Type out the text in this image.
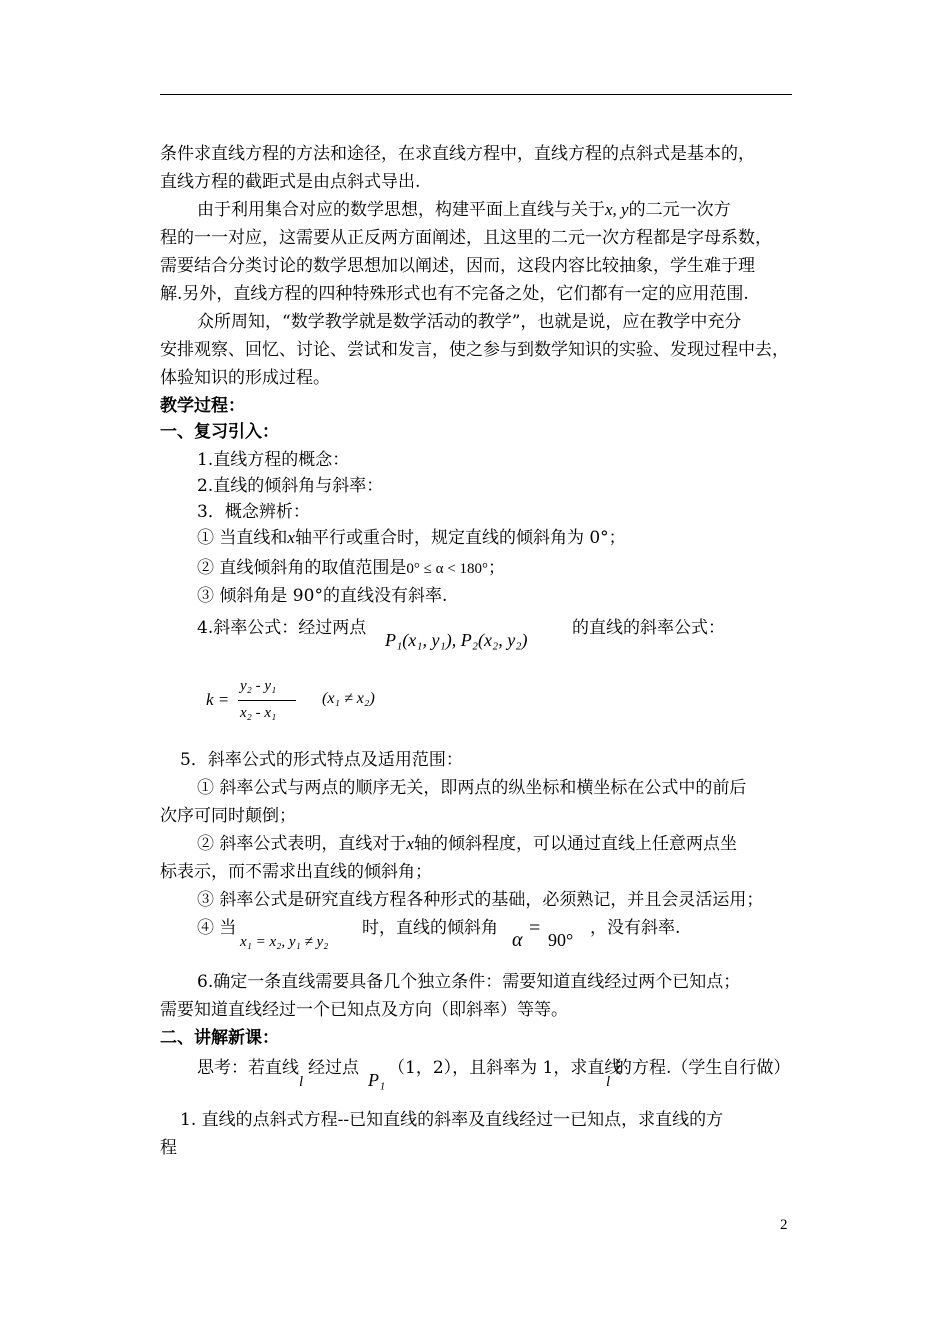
条件求直线方程的方法和途径，在求直线方程中，直线方程的点斜式是基本的，
直线方程的截距式是由点斜式导出.
由于利用集合对应的数学思想，构建平面上直线与关于x, y的二元一次方
程的一一对应，这需要从正反两方面阐述，且这里的二元一次方程都是字母系数，
需要结合分类讨论的数学思想加以阐述，因而，这段内容比较抽象，学生难于理
解.另外，直线方程的四种特殊形式也有不完备之处，它们都有一定的应用范围.
众所周知，“数学教学就是数学活动的教学”，也就是说，应在教学中充分
安排观察、回忆、讨论、尝试和发言，使之参与到数学知识的实验、发现过程中去，
体验知识的形成过程。
教学过程：
一、复习引入：
1.直线方程的概念：
2.直线的倾斜角与斜率：
3．概念辨析：
① 当直线和x轴平行或重合时，规定直线的倾斜角为 0°；
② 直线倾斜角的取值范围是0° ≤ α < 180°；
③ 倾斜角是 90°的直线没有斜率.
4.斜率公式：经过两点
P₁(x₁, y₁), P₂(x₂, y₂)
的直线的斜率公式：
k =
y₂ - y₁
x₂ - x₁
(x₁ ≠ x₂)
5．斜率公式的形式特点及适用范围：
① 斜率公式与两点的顺序无关，即两点的纵坐标和横坐标在公式中的前后
次序可同时颠倒；
② 斜率公式表明，直线对于x轴的倾斜程度，可以通过直线上任意两点坐
标表示，而不需求出直线的倾斜角；
③ 斜率公式是研究直线方程各种形式的基础，必须熟记，并且会灵活运用；
④ 当
x₁ = x₂, y₁ ≠ y₂
时，直线的倾斜角
α
=
90°
，没有斜率.
6.确定一条直线需要具备几个独立条件：需要知道直线经过两个已知点；
需要知道直线经过一个已知点及方向（即斜率）等等。
二、讲解新课：
思考：若直线
l
经过点
P₁
（1，2），且斜率为 1，求直线
l
的方程.（学生自行做）
1. 直线的点斜式方程--已知直线的斜率及直线经过一已知点，求直线的方
程
2
